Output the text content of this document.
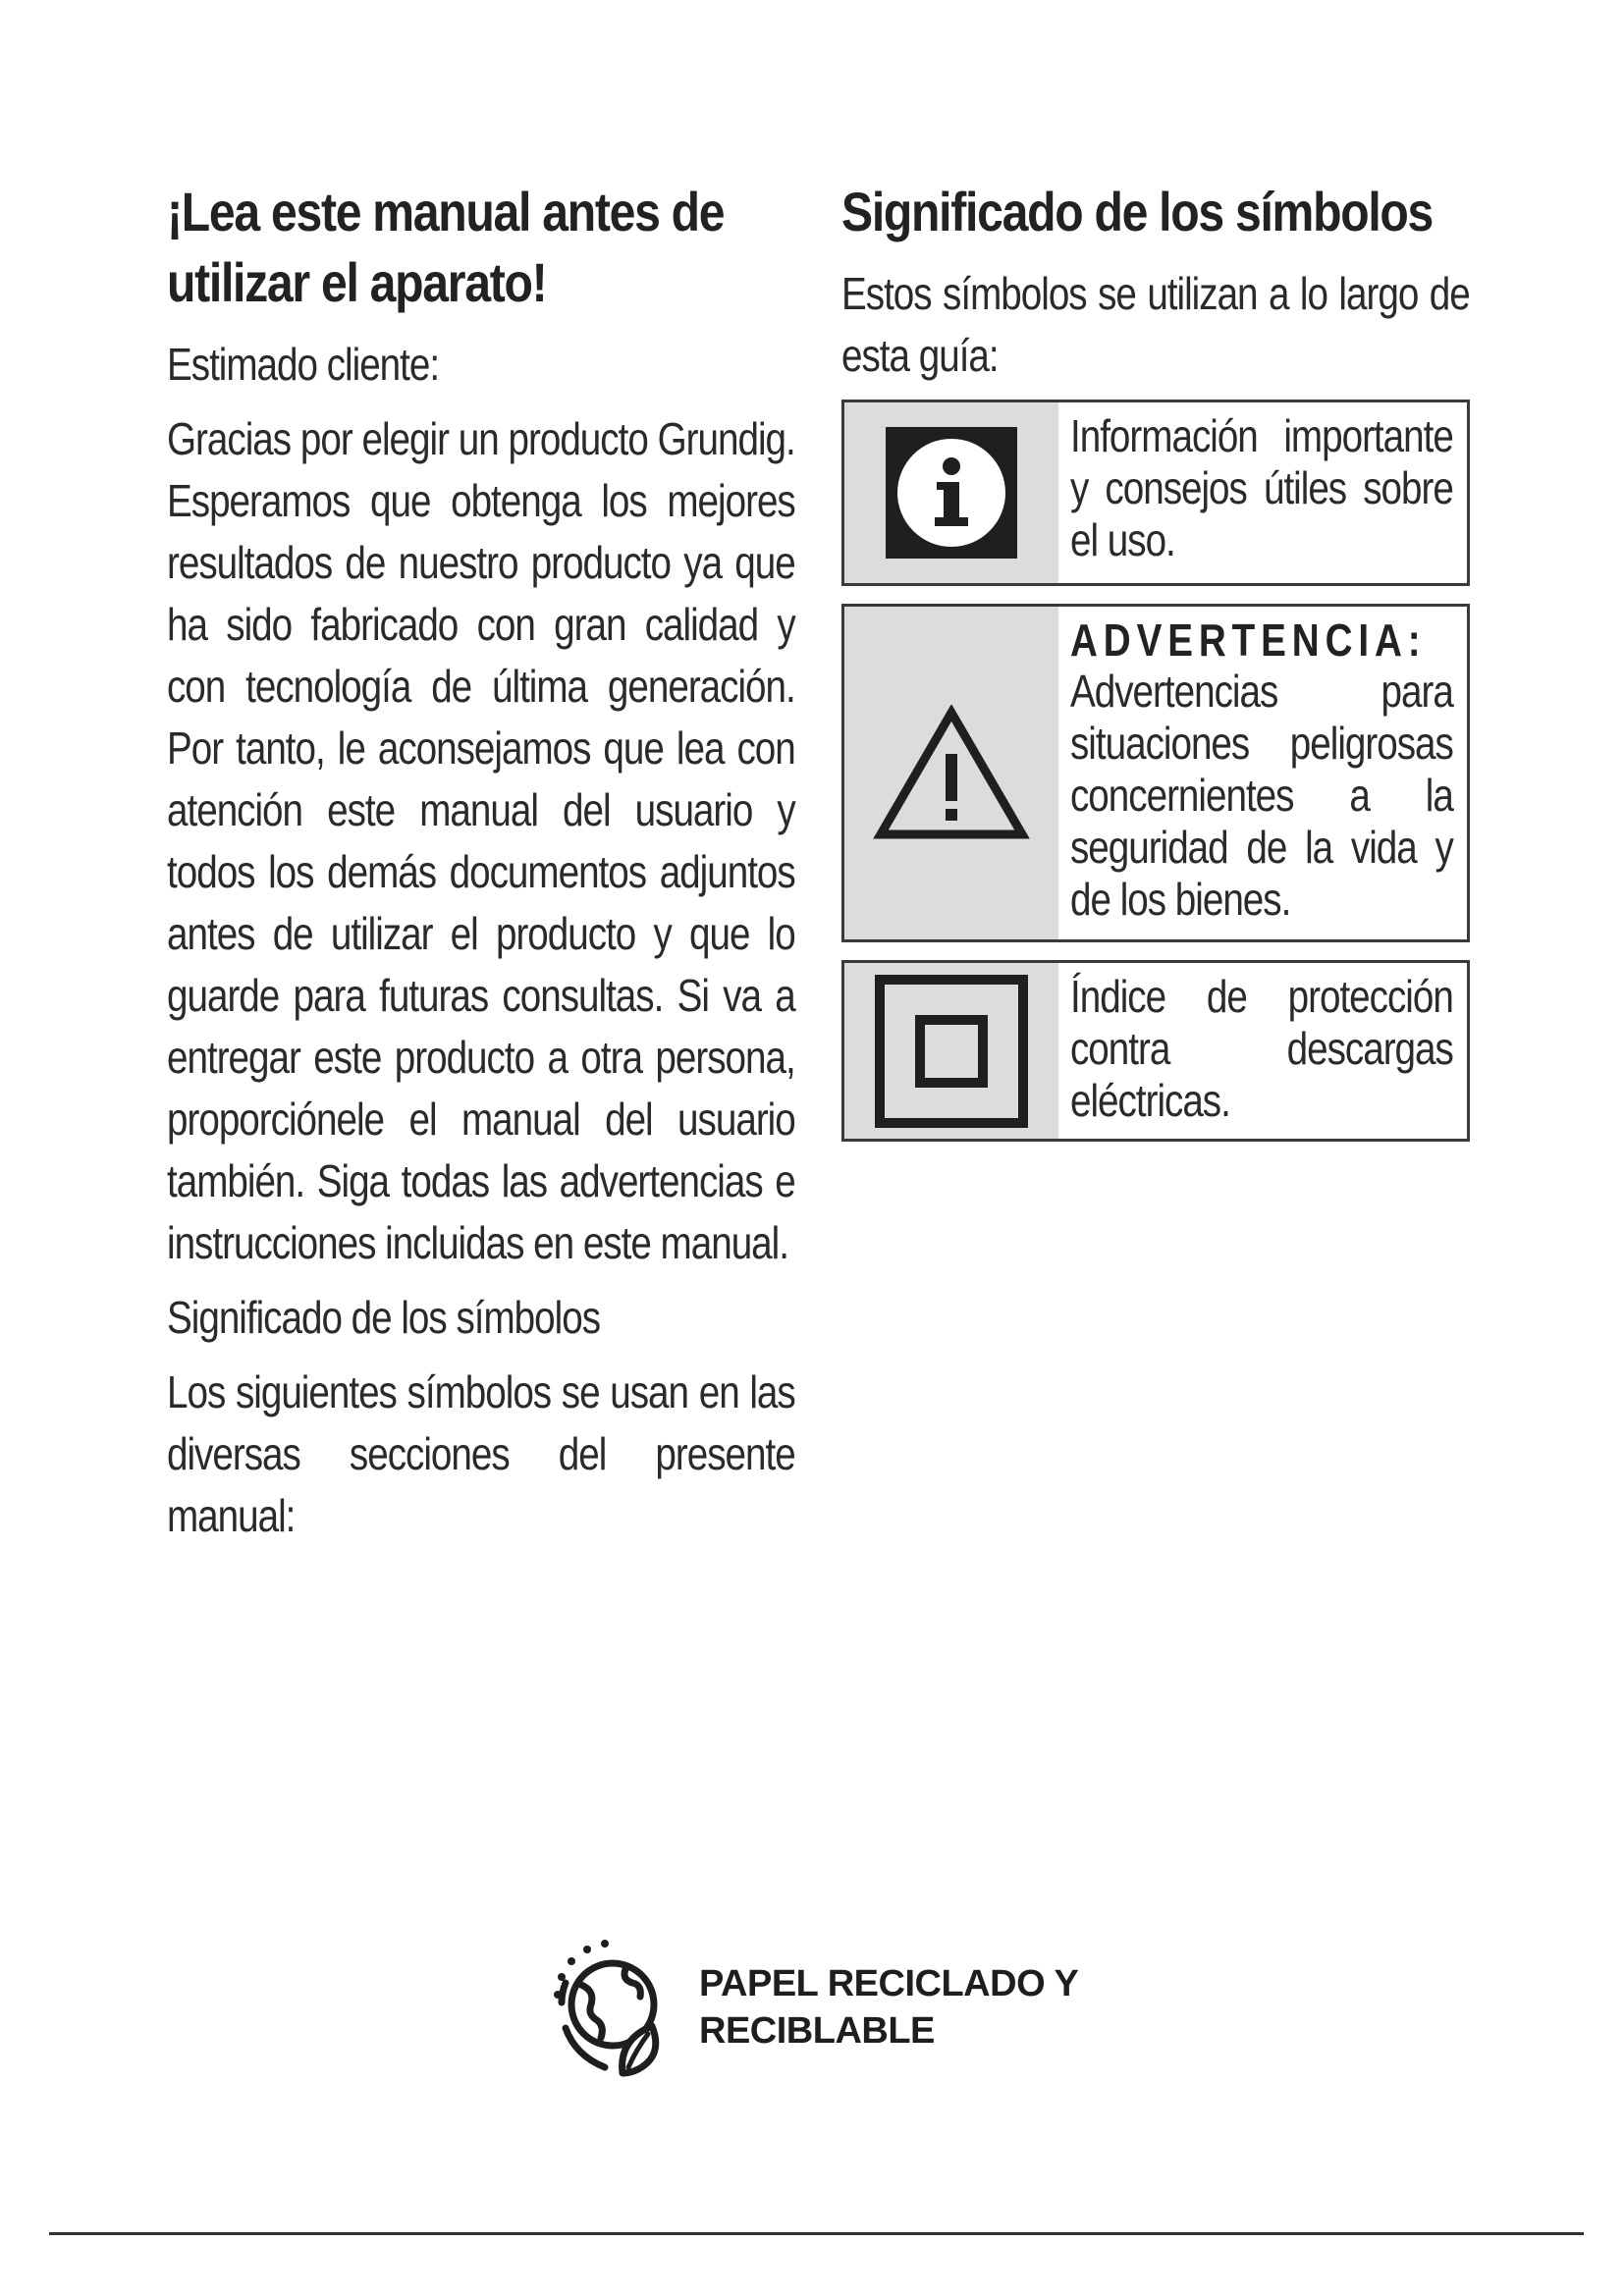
¡Lea este manual antes de utilizar el aparato!
Estimado cliente:
Gracias por elegir un producto Grundig. Esperamos que obtenga los mejores resultados de nuestro producto ya que ha sido fabricado con gran calidad y con tecnología de última generación. Por tanto, le aconsejamos que lea con atención este manual del usuario y todos los demás documentos adjuntos antes de utilizar el producto y que lo guarde para futuras consultas. Si va a entregar este producto a otra persona, proporciónele el manual del usuario también. Siga todas las advertencias e instrucciones incluidas en este manual.
Significado de los símbolos
Los siguientes símbolos se usan en las diversas secciones del presente manual:
Significado de los símbolos
Estos símbolos se utilizan a lo largo de esta guía:
Información importante y consejos útiles sobre el uso.
ADVERTENCIA:
Advertencias para situaciones peligrosas concernientes a la seguridad de la vida y de los bienes.
Índice de protección contra descargas eléctricas.
PAPEL RECICLADO Y
RECIBLABLE
